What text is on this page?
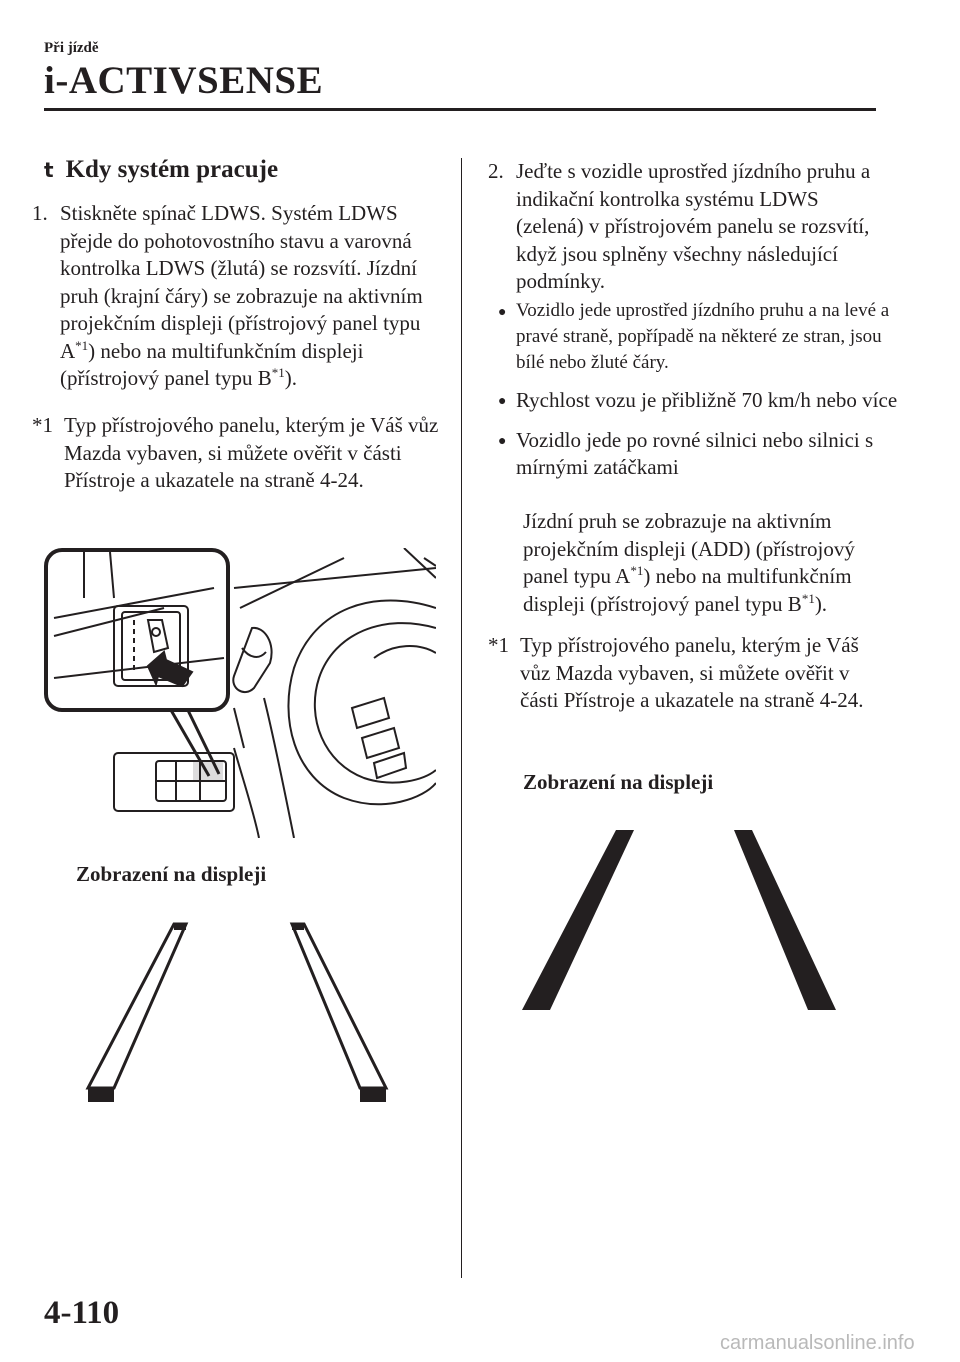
Při jízdě
i-ACTIVSENSE
t Kdy systém pracuje
1. Stiskněte spínač LDWS. Systém LDWS přejde do pohotovostního stavu a varovná kontrolka LDWS (žlutá) se rozsvítí. Jízdní pruh (krajní čáry) se zobrazuje na aktivním projekčním displeji (přístrojový panel typu $A^{*1}$) nebo na multifunkčním displeji (přístrojový panel typu $B^{*1}$).
*1 Typ přístrojového panelu, kterým je Váš vůz Mazda vybaven, si můžete ověřit v části Přístroje a ukazatele na straně 4-24.
Zobrazení na displeji
2. Jeďte s vozidle uprostřed jízdního pruhu a indikační kontrolka systému LDWS (zelená) v přístrojovém panelu se rozsvítí, když jsou splněny všechny následující podmínky.
● Vozidlo jede uprostřed jízdního pruhu a na levé a pravé straně, popřípadě na některé ze stran, jsou bílé nebo žluté čáry.
● Rychlost vozu je přibližně 70 km/h nebo více
● Vozidlo jede po rovné silnici nebo silnici s mírnými zatáčkami
Jízdní pruh se zobrazuje na aktivním projekčním displeji (ADD) (přístrojový panel typu $A^{*1}$) nebo na multifunkčním displeji (přístrojový panel typu $B^{*1}$).
*1 Typ přístrojového panelu, kterým je Váš vůz Mazda vybaven, si můžete ověřit v části Přístroje a ukazatele na straně 4-24.
Zobrazení na displeji
4-110
carmanualsonline.info
